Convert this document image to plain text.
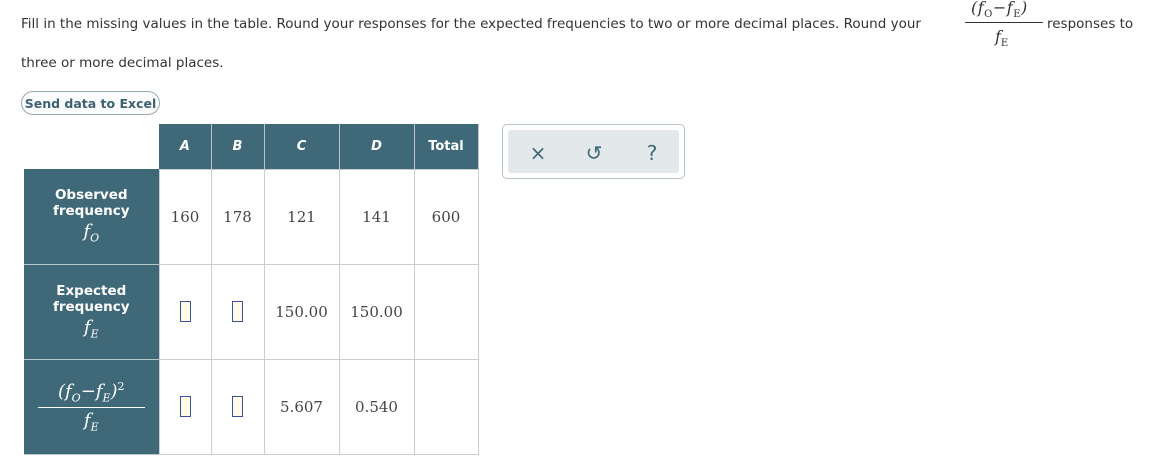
Fill in the missing values in the table. Round your responses for the expected frequencies to two or more decimal places. Round your
$(f_O-f_E)$
$f_E$
responses to
three or more decimal places.
Send data to Excel
	A	B	C	D	Total

Observed frequency
$f_O$	160	178	121	141	600

Expected frequency
$f_E$			150.00	150.00	

$(f_O-f_E)^2$
$f_E$			5.607	0.540	
× ↺	?
